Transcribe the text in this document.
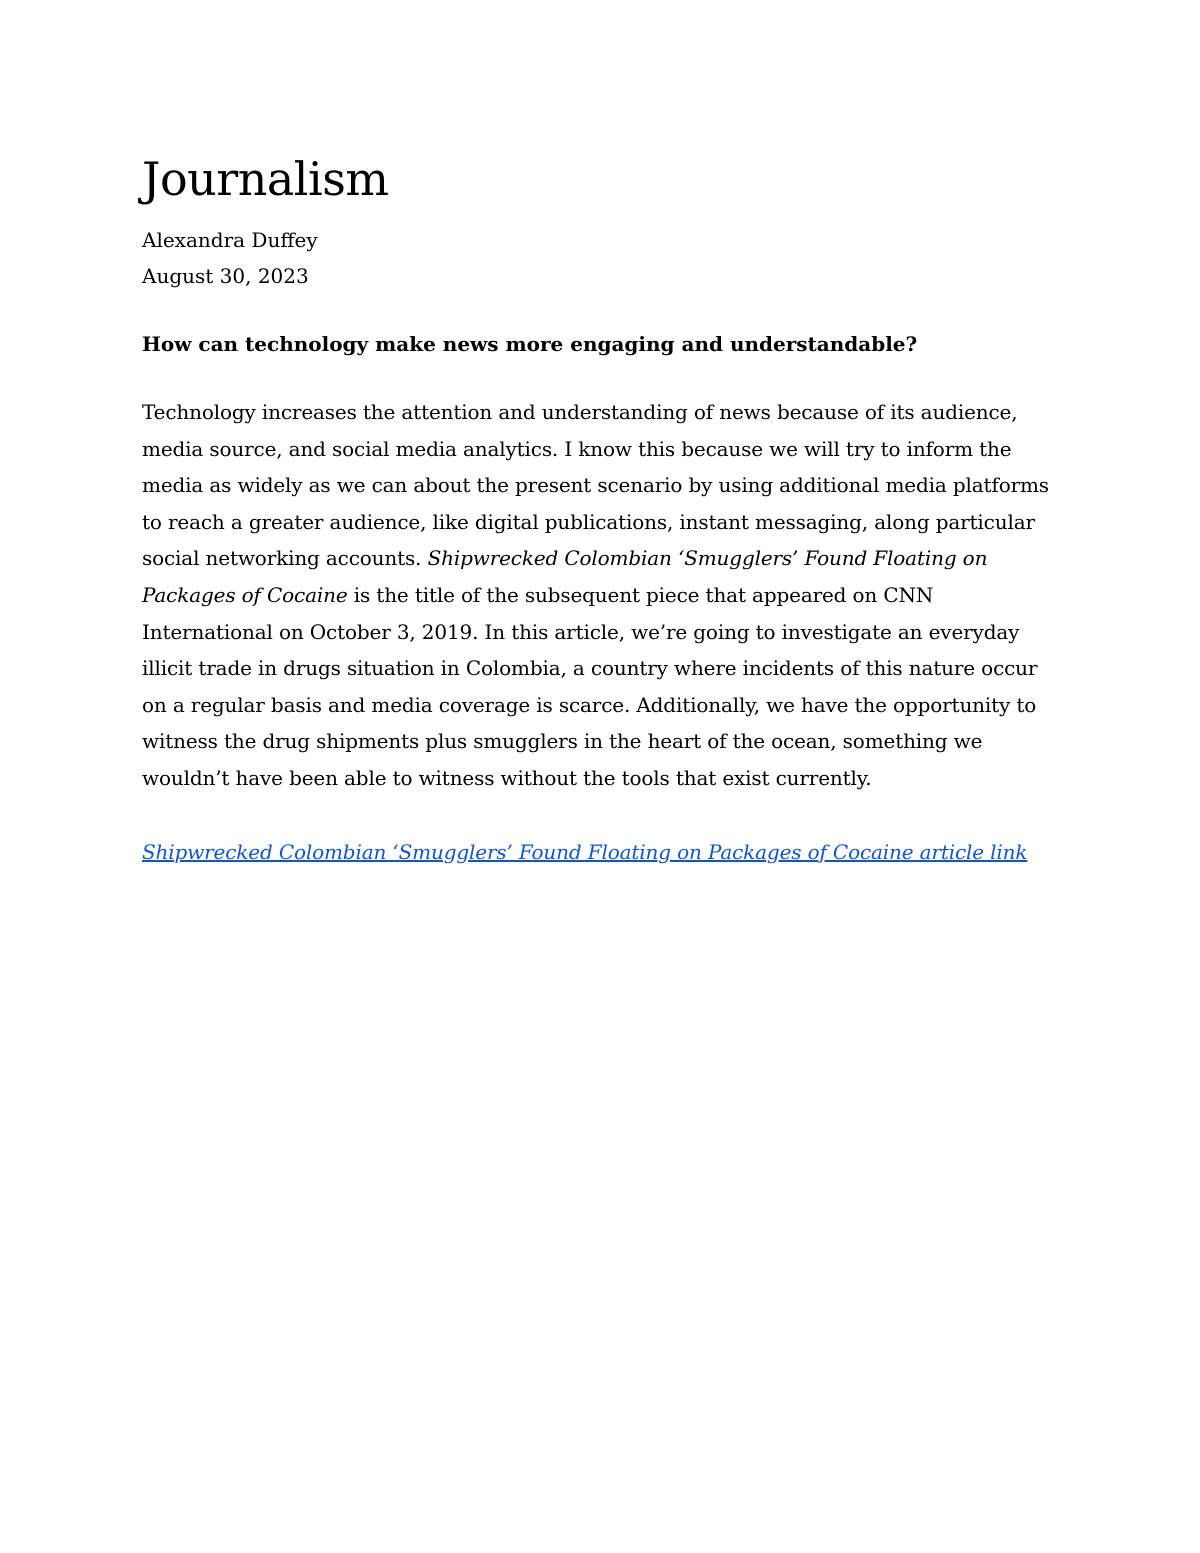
Journalism

Alexandra Duffey

August 30, 2023

How can technology make news more engaging and understandable?

Technology increases the attention and understanding of news because of its audience, media source, and social media analytics. I know this because we will try to inform the media as widely as we can about the present scenario by using additional media platforms to reach a greater audience, like digital publications, instant messaging, along particular social networking accounts. Shipwrecked Colombian ‘Smugglers’ Found Floating on Packages of Cocaine is the title of the subsequent piece that appeared on CNN International on October 3, 2019. In this article, we’re going to investigate an everyday illicit trade in drugs situation in Colombia, a country where incidents of this nature occur on a regular basis and media coverage is scarce. Additionally, we have the opportunity to witness the drug shipments plus smugglers in the heart of the ocean, something we wouldn’t have been able to witness without the tools that exist currently.

Shipwrecked Colombian ‘Smugglers’ Found Floating on Packages of Cocaine article link
